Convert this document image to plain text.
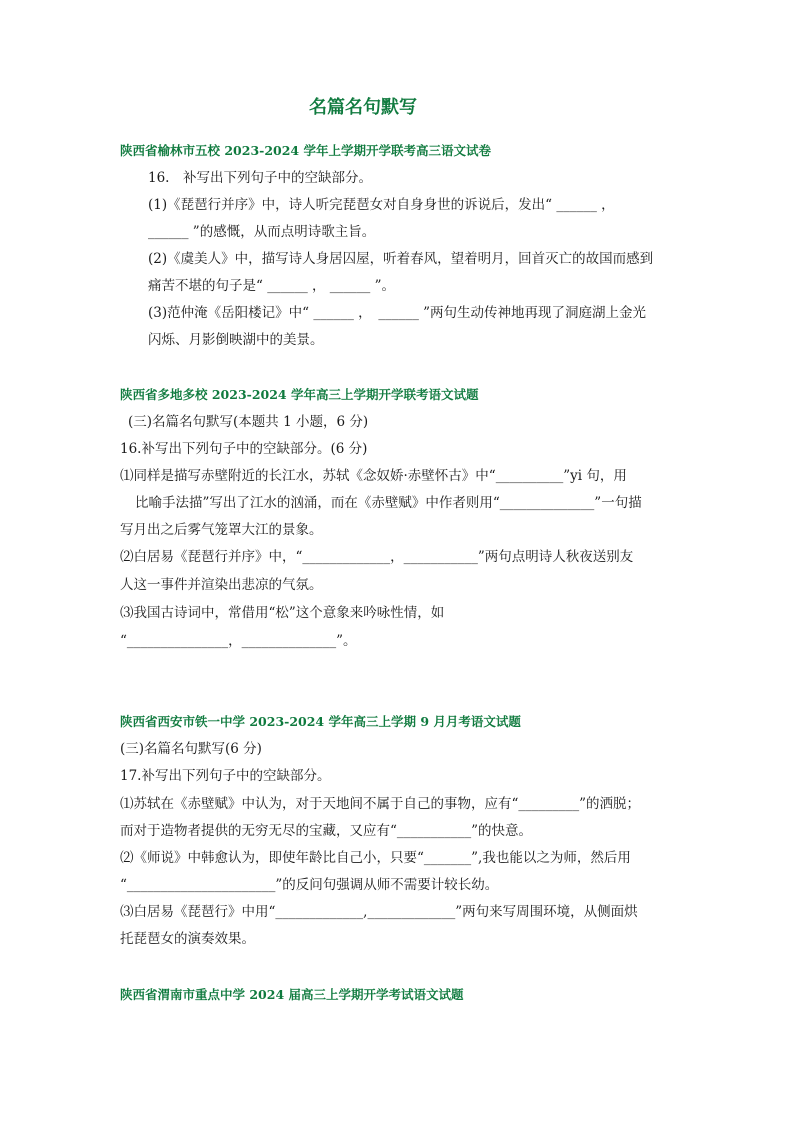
名篇名句默写
陕西省榆林市五校 2023-2024 学年上学期开学联考高三语文试卷
16.　补写出下列句子中的空缺部分。
(1)《琵琶行并序》中，诗人听完琵琶女对自身身世的诉说后，发出“ ______ ，
______ ”的感慨，从而点明诗歌主旨。
(2)《虞美人》中，描写诗人身居囚屋，听着春风，望着明月，回首灭亡的故国而感到
痛苦不堪的句子是“ ______ ， ______ ”。
(3)范仲淹《岳阳楼记》中“ ______ ，　______ ”两句生动传神地再现了洞庭湖上金光
闪烁、月影倒映湖中的美景。
陕西省多地多校 2023-2024 学年高三上学期开学联考语文试题
(三)名篇名句默写(本题共 1 小题，6 分)
16.补写出下列句子中的空缺部分。(6 分)
⑴同样是描写赤壁附近的长江水，苏轼《念奴娇·赤壁怀古》中“__________”yi 句，用
比喻手法描”写出了江水的汹涌，而在《赤壁赋》中作者则用“______________”一句描
写月出之后雾气笼罩大江的景象。
⑵白居易《琵琶行并序》中，“_____________，___________”两句点明诗人秋夜送别友
人这一事件并渲染出悲凉的气氛。
⑶我国古诗词中，常借用“松”这个意象来吟咏性情，如
“_______________，______________”。
陕西省西安市铁一中学 2023-2024 学年高三上学期 9 月月考语文试题
(三)名篇名句默写(6 分)
17.补写出下列句子中的空缺部分。
⑴苏轼在《赤壁赋》中认为，对于天地间不属于自己的事物，应有“_________”的洒脱；
而对于造物者提供的无穷无尽的宝藏，又应有“___________”的快意。
⑵《师说》中韩愈认为，即使年龄比自己小，只要“_______”,我也能以之为师，然后用
“______________________”的反问句强调从师不需要计较长幼。
⑶白居易《琵琶行》中用“_____________,_____________”两句来写周围环境，从侧面烘
托琵琶女的演奏效果。
陕西省渭南市重点中学 2024 届高三上学期开学考试语文试题
